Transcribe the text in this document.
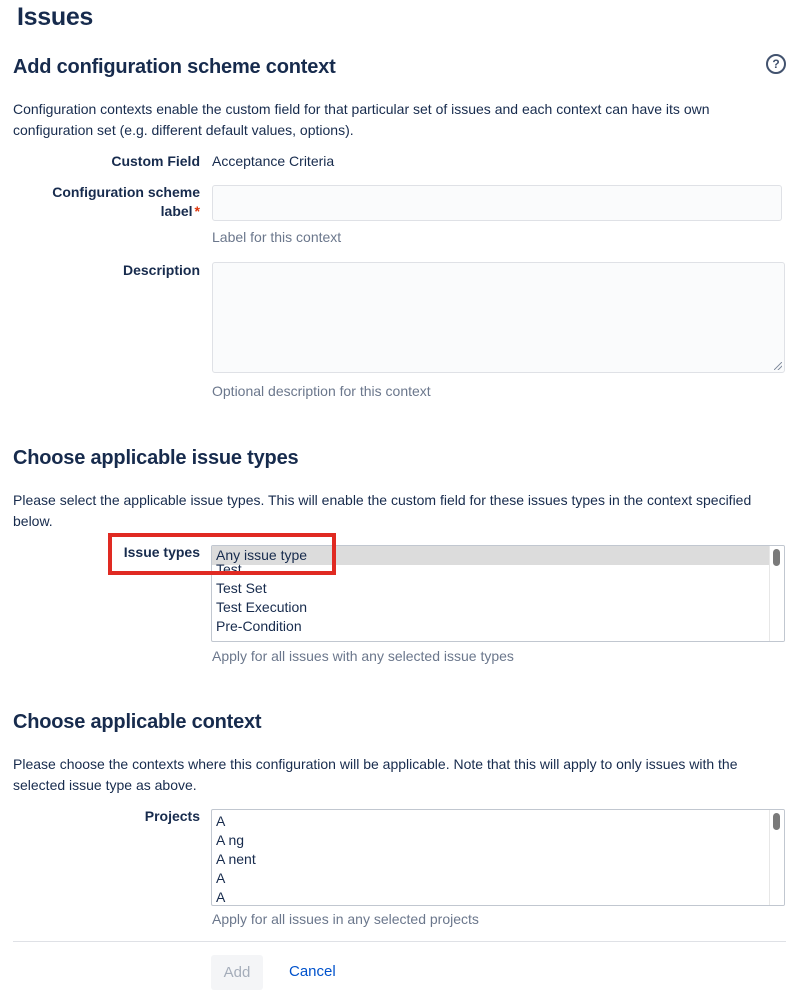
Issues
Add configuration scheme context	?
Configuration contexts enable the custom field for that particular set of issues and each context can have its own configuration set (e.g. different default values, options).
Custom Field Acceptance Criteria
Configuration scheme
label *
Label for this context
Description
Optional description for this context
Choose applicable issue types
Please select the applicable issue types. This will enable the custom field for these issues types in the context specified below.
Issue types Any issue type
Test
Test Set
Test Execution
Pre-Condition
Apply for all issues with any selected issue types
Choose applicable context
Please choose the contexts where this configuration will be applicable. Note that this will apply to only issues with the selected issue type as above.
Projects A
A ng
A nent
A
A
Apply for all issues in any selected projects
Add	Cancel
